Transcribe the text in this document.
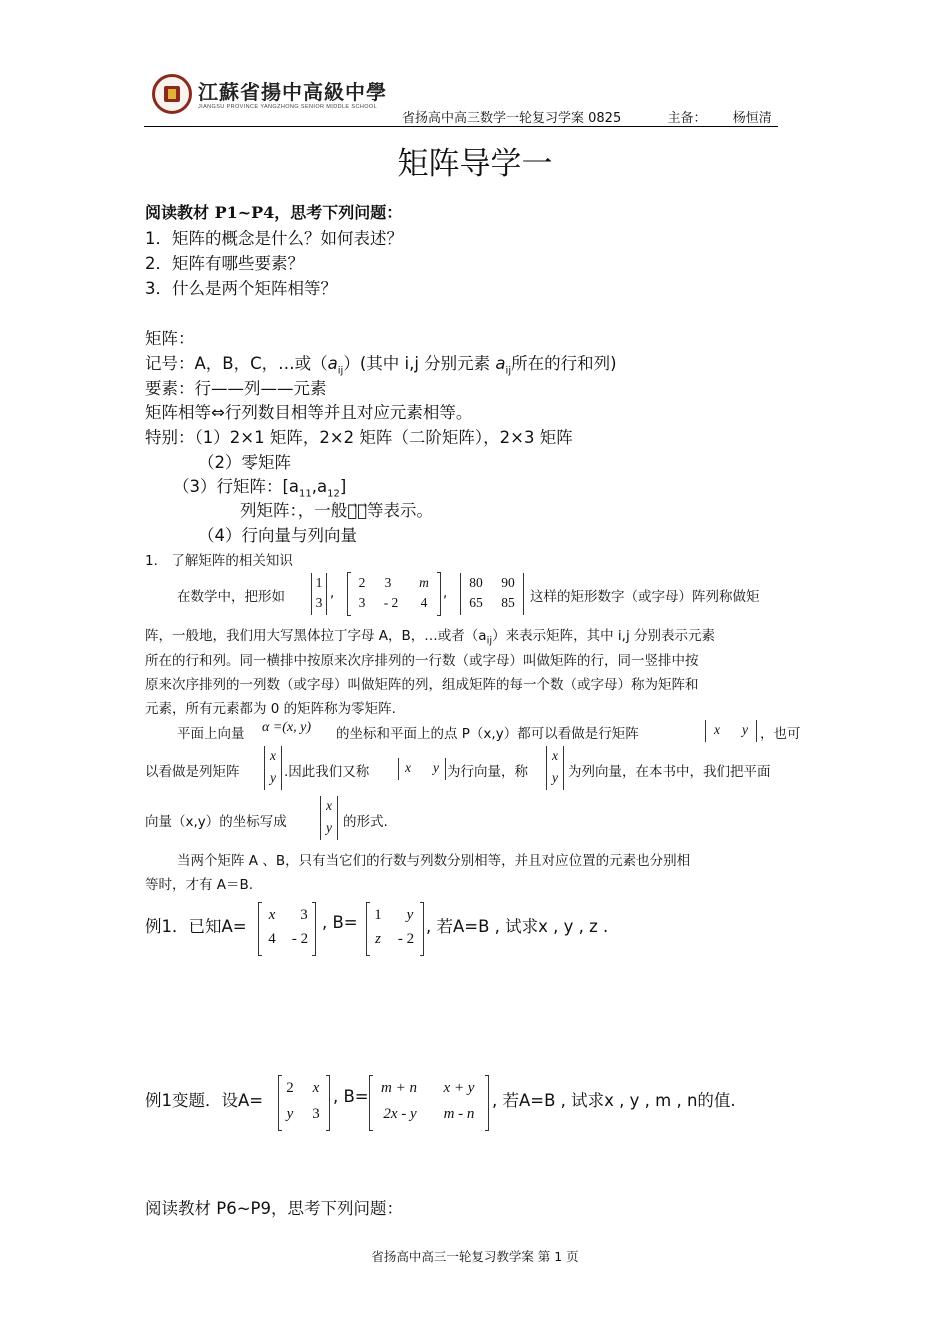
江蘇省揚中高級中學
JIANGSU PROVINCE YANGZHONG SENIOR MIDDLE SCHOOL
省扬高中高三数学一轮复习学案 0825	主备： 杨恒清
矩阵导学一
阅读教材 P1~P4，思考下列问题：
1．矩阵的概念是什么？如何表述？
2．矩阵有哪些要素？
3．什么是两个矩阵相等？
矩阵：
记号：A，B，C，…或$(a_{ij})$(其中 i,j 分别元素 $a_{ij}$所在的行和列)
要素：行——列——元素
矩阵相等⇔行列数目相等并且对应元素相等。
特别：（1）2×1 矩阵，2×2 矩阵（二阶矩阵），2×3 矩阵
（2）零矩阵
（3）行矩阵：$[a_{11},a_{12}]$
列矩阵：，一般用⃗，⃗等表示。
（4）行向量与列向量
1． 了解矩阵的相关知识
在数学中，把形如
1
3
,
2	3	m
3	- 2	4
,
80	90
65	85	这样的矩形数字（或字母）阵列称做矩
阵，一般地，我们用大写黑体拉丁字母 A，B，…或者$(a_{ij})$来表示矩阵，其中 i,j 分别表示元素
所在的行和列。同一横排中按原来次序排列的一行数（或字母）叫做矩阵的行，同一竖排中按
原来次序排列的一列数（或字母）叫做矩阵的列，组成矩阵的每一个数（或字母）称为矩阵和
元素，所有元素都为 0 的矩阵称为零矩阵.
平面上向量 α =(x, y) 的坐标和平面上的点 P（x,y）都可以看做是行矩阵	x y ，也可
以看做是列矩阵
x
y .因此我们又称	x y 为行向量，称
x
y 为列向量，在本书中，我们把平面
向量（x,y）的坐标写成
x
y 的形式.
当两个矩阵 A 、B，只有当它们的行数与列数分别相等，并且对应位置的元素也分别相
等时，才有 A＝B.
例1．已知A=
x	3
4	- 2
, B=	1	y
z	- 2
, 若A=B , 试求x , y , z .
例1变题．设A=
2	x
y	3
, B= m + n	x + y
2x - y	m - n
, 若A=B , 试求x , y , m , n的值.
阅读教材 P6~P9，思考下列问题：
省扬高中高三一轮复习教学案 第 1 页
